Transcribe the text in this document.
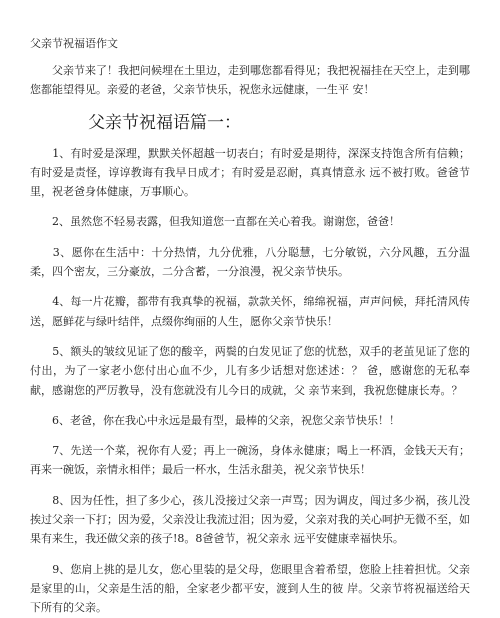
父亲节祝福语作文

　　父亲节来了！我把问候埋在土里边，走到哪您都看得见；我把祝福挂在天空上，走到哪您都能望得见。亲爱的老爸，父亲节快乐，祝您永远健康，一生平 安！

父亲节祝福语篇一：

　　1、有时爱是深理，默默关怀超越一切表白；有时爱是期待，深深支持饱含所有信赖；有时爱是责怪，谆谆教诲有我早日成才；有时爱是忍耐，真真情意永 远不被打败。爸爸节里，祝老爸身体健康，万事顺心。

　　2、虽然您不轻易表露，但我知道您一直都在关心着我。谢谢您，爸爸！

　　3、愿你在生活中：十分热情，九分优雅，八分聪慧，七分敏锐，六分风趣，五分温柔，四个密友，三分豪放，二分含蓄，一分浪漫，祝父亲节快乐。

　　4、每一片花瓣，都带有我真挚的祝福，款款关怀，绵绵祝福，声声问候，拜托清风传送，愿鲜花与绿叶结伴，点缀你绚丽的人生，愿你父亲节快乐！

　　5、额头的皱纹见证了您的酸辛，两鬓的白发见证了您的忧愁，双手的老茧见证了您的付出，为了一家老小您付出心血不少，儿有多少话想对您述述：？ 爸，感谢您的无私奉献，感谢您的严厉教导，没有您就没有儿今日的成就，父 亲节来到，我祝您健康长寿。？

　　6、老爸，你在我心中永远是最有型，最棒的父亲，祝您父亲节快乐！！

　　7、先送一个菜，祝你有人爱；再上一碗汤，身体永健康；喝上一杯酒，金钱天天有；再来一碗饭，亲情永相伴；最后一杯水，生活永甜美，祝父亲节快乐！

　　8、因为任性，担了多少心，孩儿没接过父亲一声骂；因为调皮，闯过多少祸，孩儿没挨过父亲一下打；因为爱，父亲没让我流过泪；因为爱，父亲对我的关心呵护无微不至，如果有来生，我还做父亲的孩子!8。8爸爸节，祝父亲永 远平安健康幸福快乐。

　　9、您肩上挑的是儿女，您心里装的是父母，您眼里含着希望，您脸上挂着担忧。父亲是家里的山，父亲是生活的船，全家老少都平安，渡到人生的彼 岸。父亲节将祝福送给天下所有的父亲。
